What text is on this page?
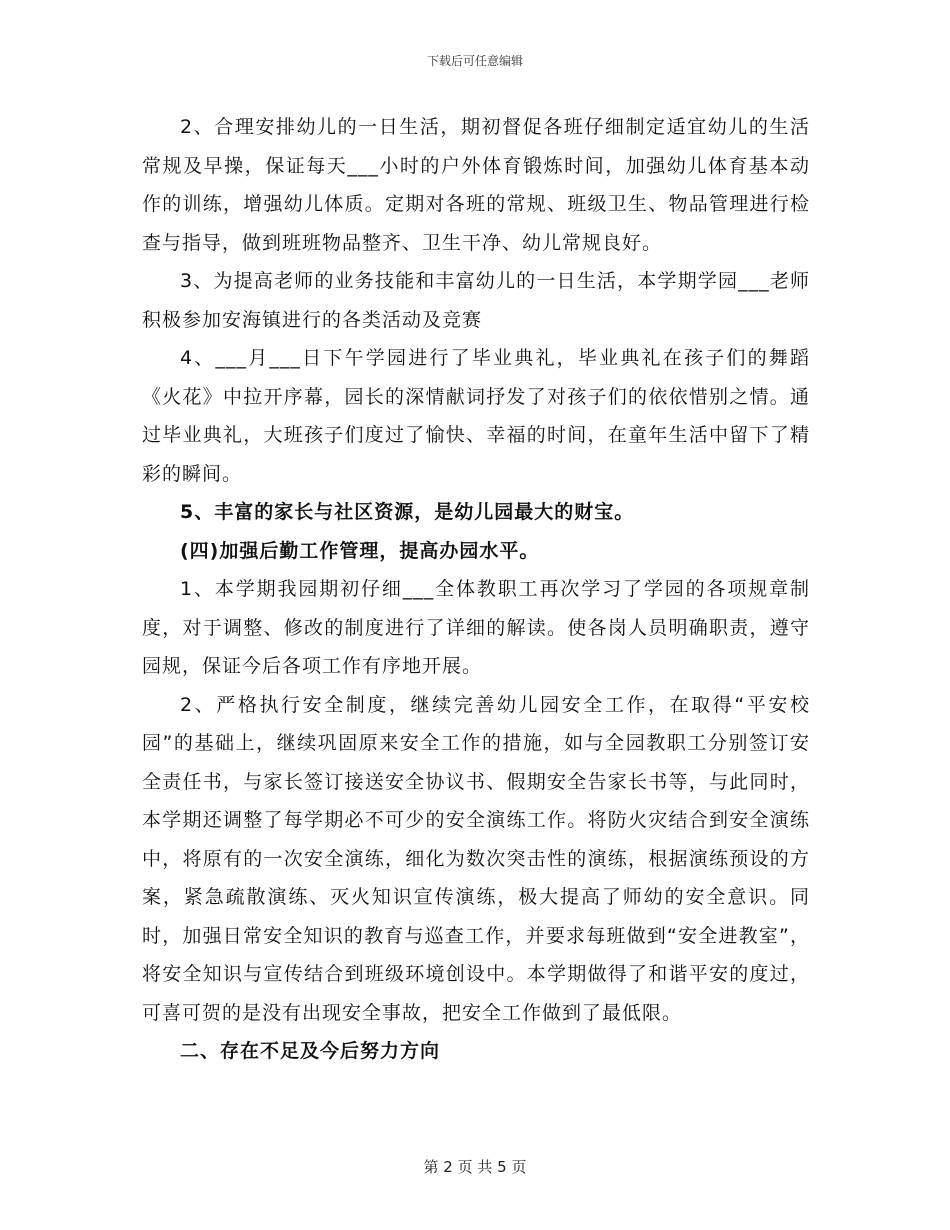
下载后可任意编辑

2、合理安排幼儿的一日生活，期初督促各班仔细制定适宜幼儿的生活常规及早操，保证每天___小时的户外体育锻炼时间，加强幼儿体育基本动作的训练，增强幼儿体质。定期对各班的常规、班级卫生、物品管理进行检查与指导，做到班班物品整齐、卫生干净、幼儿常规良好。

3、为提高老师的业务技能和丰富幼儿的一日生活，本学期学园___老师积极参加安海镇进行的各类活动及竞赛

4、___月___日下午学园进行了毕业典礼，毕业典礼在孩子们的舞蹈《火花》中拉开序幕，园长的深情献词抒发了对孩子们的依依惜别之情。通过毕业典礼，大班孩子们度过了愉快、幸福的时间，在童年生活中留下了精彩的瞬间。

5、丰富的家长与社区资源，是幼儿园最大的财宝。

(四)加强后勤工作管理，提高办园水平。

1、本学期我园期初仔细___全体教职工再次学习了学园的各项规章制度，对于调整、修改的制度进行了详细的解读。使各岗人员明确职责，遵守园规，保证今后各项工作有序地开展。

2、严格执行安全制度，继续完善幼儿园安全工作，在取得“平安校园”的基础上，继续巩固原来安全工作的措施，如与全园教职工分别签订安全责任书，与家长签订接送安全协议书、假期安全告家长书等，与此同时，本学期还调整了每学期必不可少的安全演练工作。将防火灾结合到安全演练中，将原有的一次安全演练，细化为数次突击性的演练，根据演练预设的方案，紧急疏散演练、灭火知识宣传演练，极大提高了师幼的安全意识。同时，加强日常安全知识的教育与巡查工作，并要求每班做到“安全进教室”，将安全知识与宣传结合到班级环境创设中。本学期做得了和谐平安的度过，可喜可贺的是没有出现安全事故，把安全工作做到了最低限。

二、存在不足及今后努力方向

第 2 页 共 5 页
